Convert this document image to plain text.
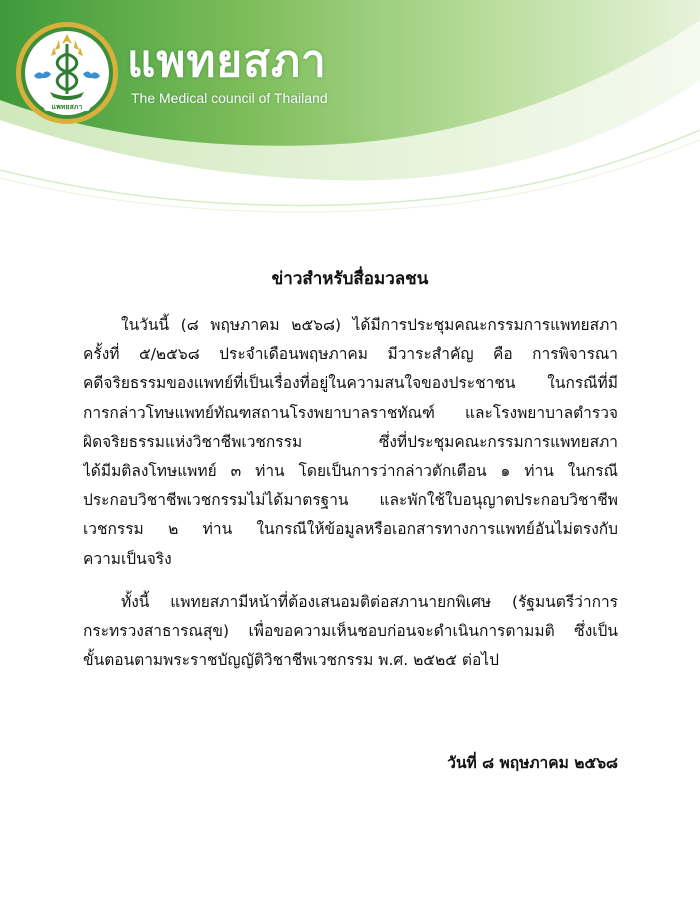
แพทยสภา
แพทยสภา
The Medical council of Thailand
ข่าวสำหรับสื่อมวลชน
ในวันนี้ (๘ พฤษภาคม ๒๕๖๘) ได้มีการประชุมคณะกรรมการแพทยสภา
ครั้งที่ ๕/๒๕๖๘ ประจำเดือนพฤษภาคม มีวาระสำคัญ คือ การพิจารณา
คดีจริยธรรมของแพทย์ที่เป็นเรื่องที่อยู่ในความสนใจของประชาชน ในกรณีที่มี
การกล่าวโทษแพทย์ทัณฑสถานโรงพยาบาลราชทัณฑ์ และโรงพยาบาลตำรวจ
ผิดจริยธรรมแห่งวิชาชีพเวชกรรม ซึ่งที่ประชุมคณะกรรมการแพทยสภา
ได้มีมติลงโทษแพทย์ ๓ ท่าน โดยเป็นการว่ากล่าวตักเตือน ๑ ท่าน ในกรณี
ประกอบวิชาชีพเวชกรรมไม่ได้มาตรฐาน และพักใช้ใบอนุญาตประกอบวิชาชีพ
เวชกรรม ๒ ท่าน ในกรณีให้ข้อมูลหรือเอกสารทางการแพทย์อันไม่ตรงกับ
ความเป็นจริง
ทั้งนี้ แพทยสภามีหน้าที่ต้องเสนอมติต่อสภานายกพิเศษ (รัฐมนตรีว่าการ
กระทรวงสาธารณสุข) เพื่อขอความเห็นชอบก่อนจะดำเนินการตามมติ ซึ่งเป็น
ขั้นตอนตามพระราชบัญญัติวิชาชีพเวชกรรม พ.ศ. ๒๕๒๕ ต่อไป
วันที่ ๘ พฤษภาคม ๒๕๖๘
